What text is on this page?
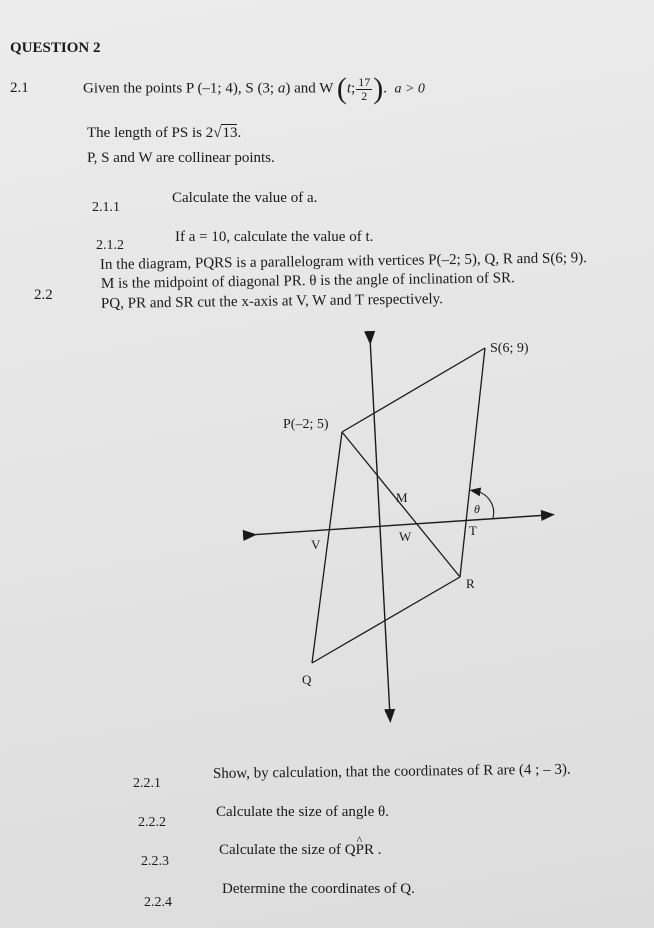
QUESTION 2
2.1	Given the points P (–1; 4), S (3; a) and W (t; $\frac{17}{2}$ ).  a > 0
The length of PS is 2√13.
P, S and W are collinear points.
2.1.1
Calculate the value of a.
2.1.2
If a = 10, calculate the value of t.
2.2
In the diagram, PQRS is a parallelogram with vertices P(–2; 5), Q, R and S(6; 9).
M is the midpoint of diagonal PR. θ is the angle of inclination of SR.
PQ, PR and SR cut the x-axis at V, W and T respectively.
S(6; 9)
P(–2; 5)
M
V
W	T
R
Q
θ
2.2.1
Show, by calculation, that the coordinates of R are (4 ; – 3).
2.2.2
Calculate the size of angle θ.
2.2.3
Calculate the size of Q^ PR .
2.2.4
Determine the coordinates of Q.
